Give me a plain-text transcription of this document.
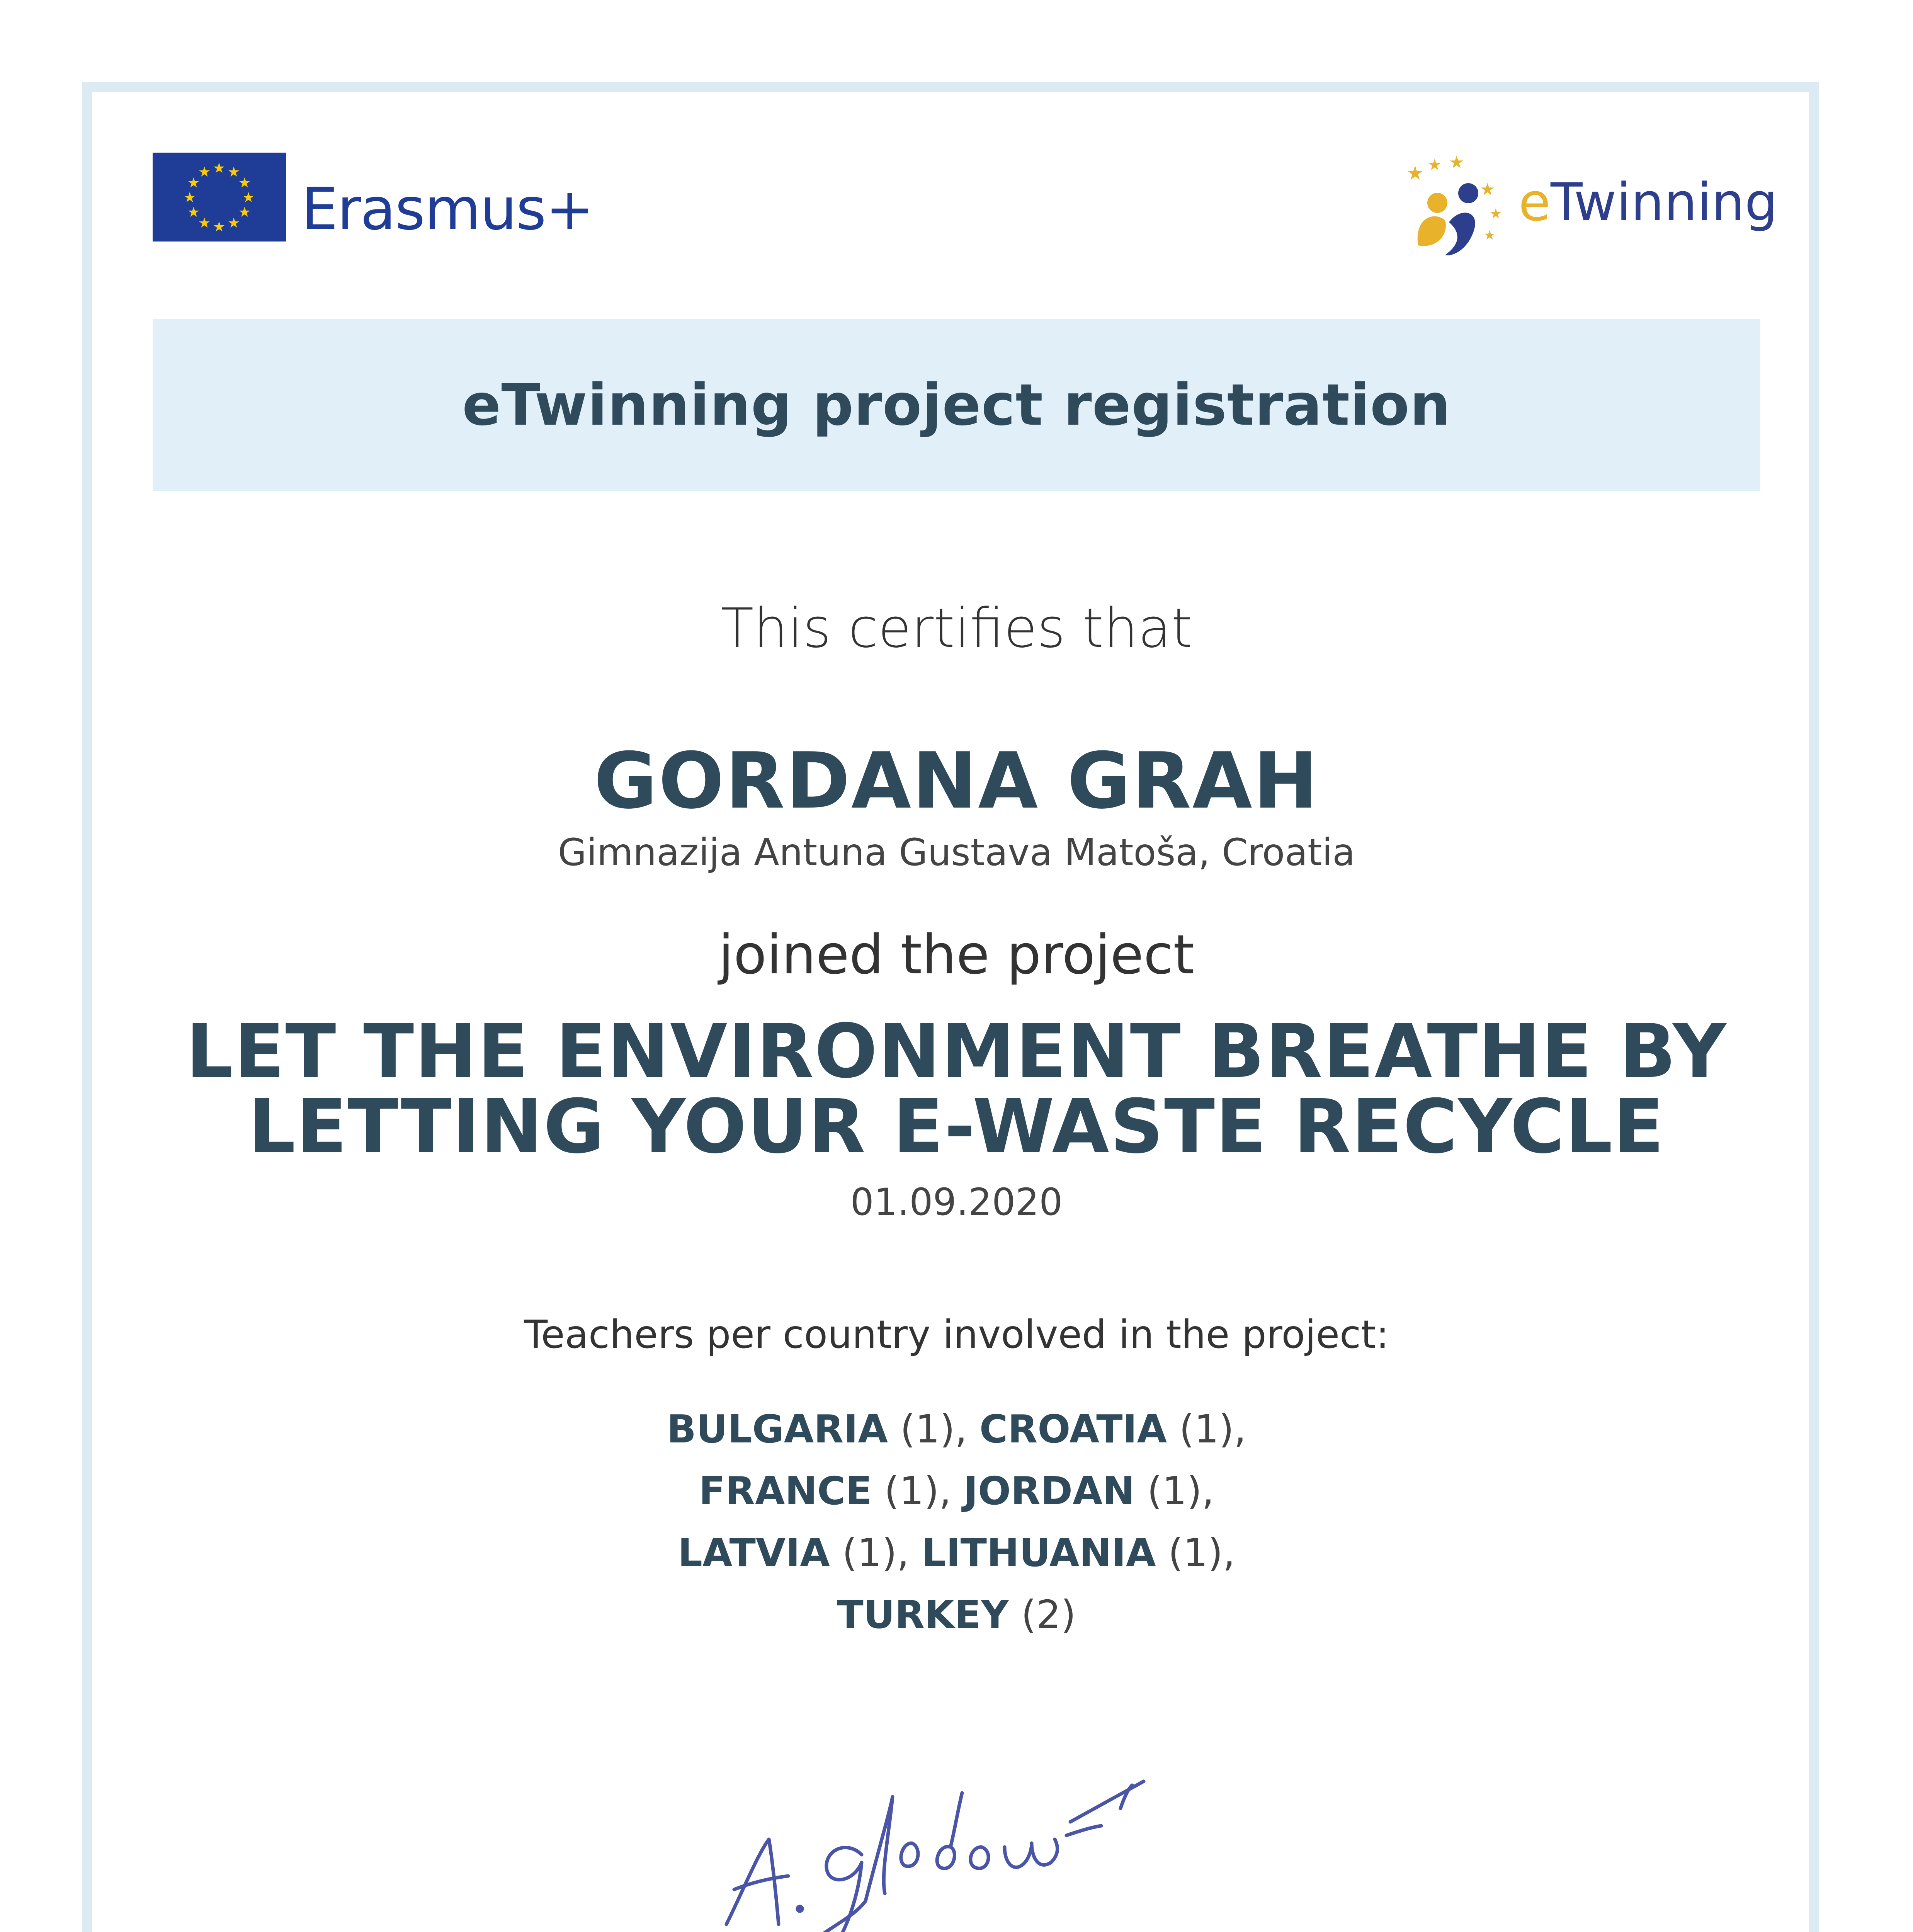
★ ★
★
★
★
★
★
★
★
★
★
★
Erasmus+
★ ★ ★
★
★
★
eTwinning
eTwinning project registration
This certifies that
GORDANA GRAH
Gimnazija Antuna Gustava Matoša, Croatia
joined the project
LET THE ENVIRONMENT BREATHE BY
LETTING YOUR E-WASTE RECYCLE
01.09.2020
Teachers per country involved in the project:
BULGARIA (1), CROATIA (1),
FRANCE (1), JORDAN (1),
LATVIA (1), LITHUANIA (1),
TURKEY (2)
